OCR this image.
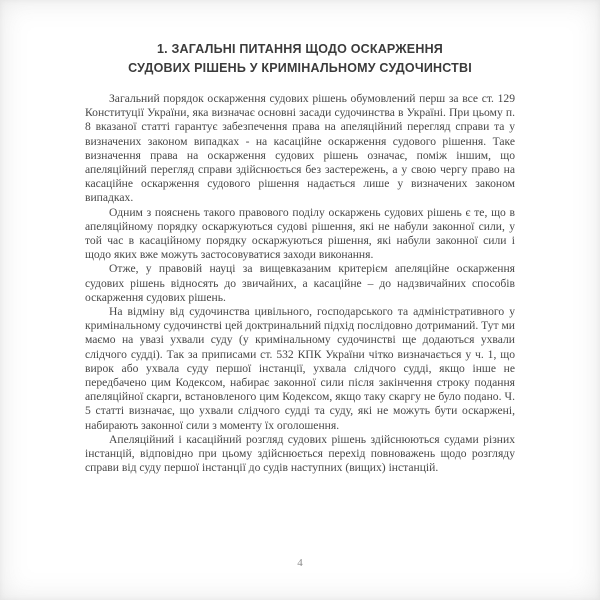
1. ЗАГАЛЬНІ ПИТАННЯ ЩОДО ОСКАРЖЕННЯ
СУДОВИХ РІШЕНЬ У КРИМІНАЛЬНОМУ СУДОЧИНСТВІ

Загальний порядок оскарження судових рішень обумовлений перш за все ст. 129 Конституції України, яка визначає основні засади судочинства в Україні. При цьому п. 8 вказаної статті гарантує забезпечення права на апеляційний перегляд справи та у визначених законом випадках - на касаційне оскарження судового рішення. Таке визначення права на оскарження судових рішень означає, поміж іншим, що апеляційний перегляд справи здійснюється без застережень, а у свою чергу право на касаційне оскарження судового рішення надається лише у визначених законом випадках.

Одним з пояснень такого правового поділу оскаржень судових рішень є те, що в апеляційному порядку оскаржуються судові рішення, які не набули законної сили, у той час в касаційному порядку оскаржуються рішення, які набули законної сили і щодо яких вже можуть застосовуватися заходи виконання.

Отже, у правовій науці за вищевказаним критерієм апеляційне оскарження судових рішень відносять до звичайних, а касаційне – до надзвичайних способів оскарження судових рішень.

На відміну від судочинства цивільного, господарського та адміністративного у кримінальному судочинстві цей доктринальний підхід послідовно дотриманий. Тут ми маємо на увазі ухвали суду (у кримінальному судочинстві ще додаються ухвали слідчого судді). Так за приписами ст. 532 КПК України чітко визначається у ч. 1, що вирок або ухвала суду першої інстанції, ухвала слідчого судді, якщо інше не передбачено цим Кодексом, набирає законної сили після закінчення строку подання апеляційної скарги, встановленого цим Кодексом, якщо таку скаргу не було подано. Ч. 5 статті визначає, що ухвали слідчого судді та суду, які не можуть бути оскаржені, набирають законної сили з моменту їх оголошення.

Апеляційний і касаційний розгляд судових рішень здійснюються судами різних інстанцій, відповідно при цьому здійснюється перехід повноважень щодо розгляду справи від суду першої інстанції до судів наступних (вищих) інстанцій.

4
